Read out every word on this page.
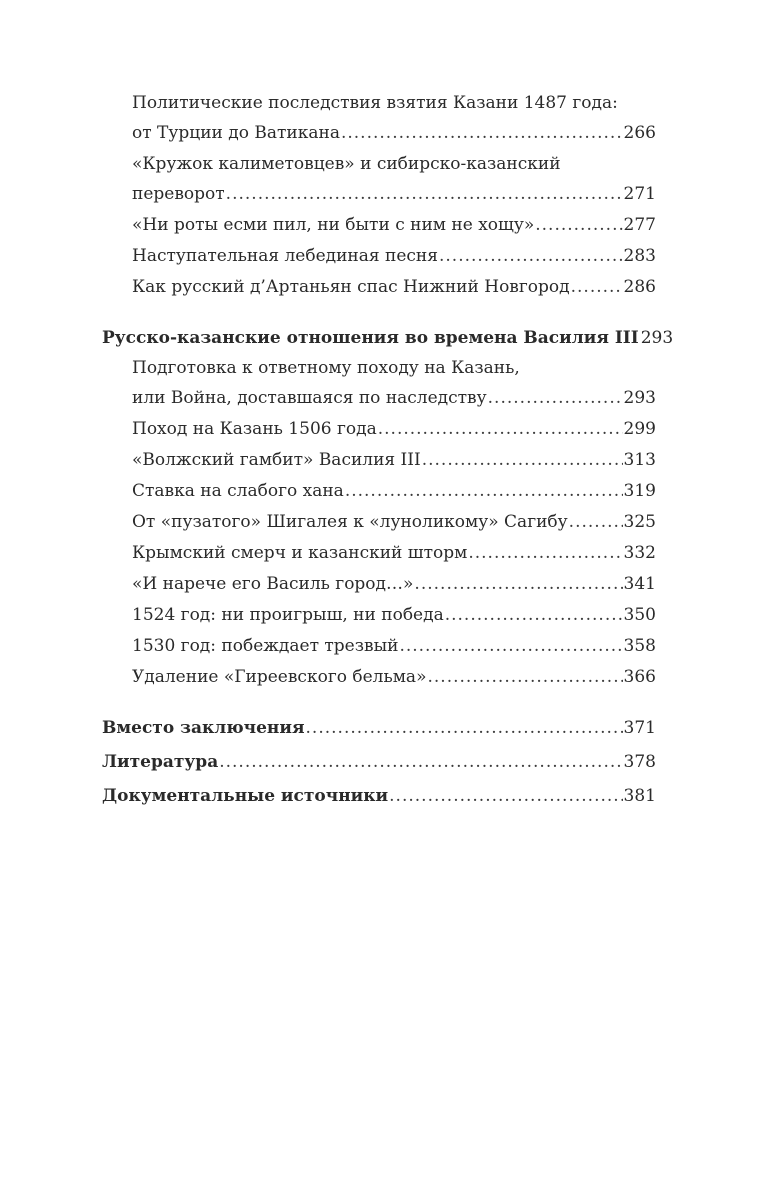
Политические последствия взятия Казани 1487 года:
от Турции до Ватикана .....	266
«Кружок калиметовцев» и сибирско-казанский
переворот .....	271
«Ни роты есми пил, ни быти с ним не хощу» .....	277
Наступательная лебединая песня .....	283
Как русский д’Артаньян спас Нижний Новгород .....	286
Русско-казанские отношения во времена Василия III 293
Подготовка к ответному походу на Казань,
или Война, доставшаяся по наследству .....	293
Поход на Казань 1506 года .....	299
«Волжский гамбит» Василия III .....	313
Ставка на слабого хана .....	319
От «пузатого» Шигалея к «луноликому» Сагибу .....	325
Крымский смерч и казанский шторм .....	332
«И нарече его Василь город…» .....	341
1524 год: ни проигрыш, ни победа .....	350
1530 год: побеждает трезвый .....	358
Удаление «Гиреевского бельма» .....	366
Вместо заключения .....	371
Литература .....	378
Документальные источники .....	381
